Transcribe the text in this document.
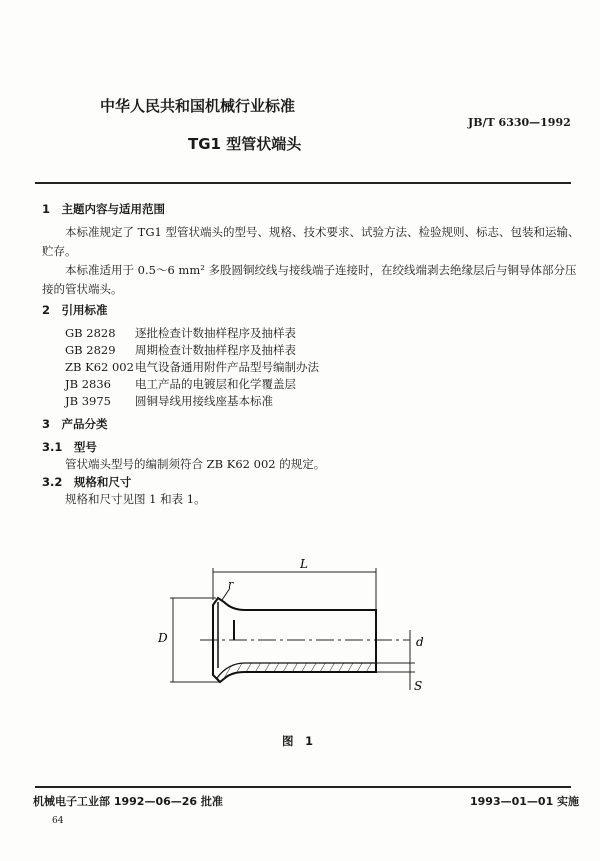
中华人民共和国机械行业标准
JB/T 6330—1992
TG1 型管状端头
1　主题内容与适用范围
本标准规定了 TG1 型管状端头的型号、规格、技术要求、试验方法、检验规则、标志、包装和运输、
贮存。
本标准适用于 0.5～6 mm² 多股圆铜绞线与接线端子连接时，在绞线端剥去绝缘层后与铜导体部分压
接的管状端头。
2　引用标准
GB 2828 逐批检查计数抽样程序及抽样表
GB 2829 周期检查计数抽样程序及抽样表
ZB K62 002电气设备通用附件产品型号编制办法
JB 2836 电工产品的电镀层和化学覆盖层
JB 3975 圆铜导线用接线座基本标准
3　产品分类
3.1　型号
管状端头型号的编制须符合 ZB K62 002 的规定。
3.2　规格和尺寸
规格和尺寸见图 1 和表 1。
L
D	d
S
r
图　1
机械电子工业部 1992—06—26 批准	1993—01—01 实施
64
